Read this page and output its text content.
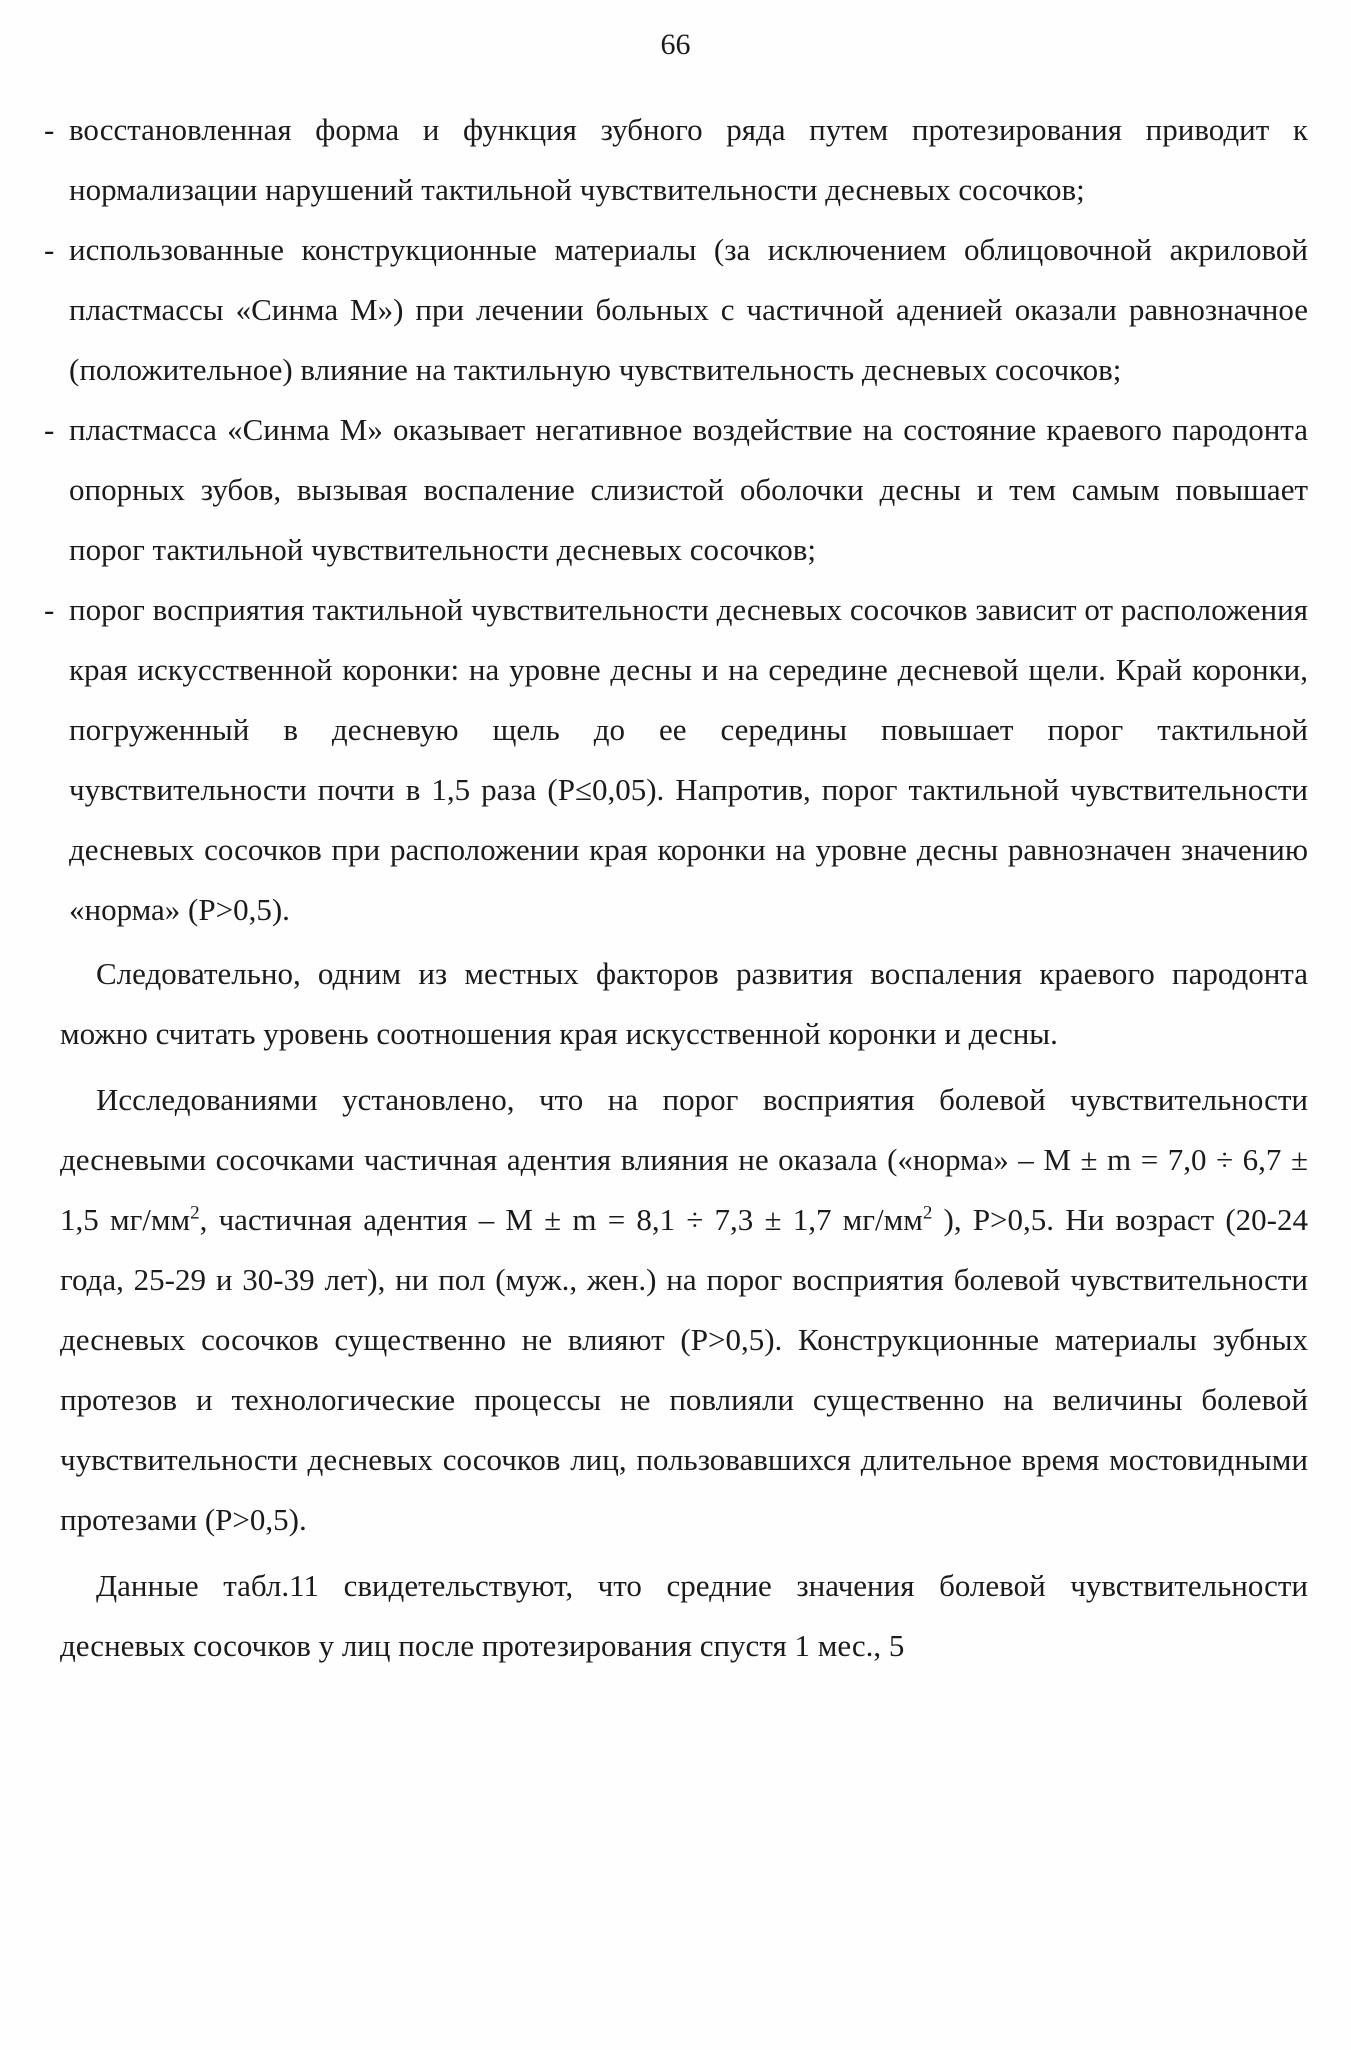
66

- восстановленная форма и функция зубного ряда путем протезирования приводит к нормализации нарушений тактильной чувствительности десневых сосочков;

- использованные конструкционные материалы (за исключением облицовочной акриловой пластмассы «Синма М») при лечении больных с частичной аденией оказали равнозначное (положительное) влияние на тактильную чувствительность десневых сосочков;

- пластмасса «Синма М» оказывает негативное воздействие на состояние краевого пародонта опорных зубов, вызывая воспаление слизистой оболочки десны и тем самым повышает порог тактильной чувствительности десневых сосочков;

- порог восприятия тактильной чувствительности десневых сосочков зависит от расположения края искусственной коронки: на уровне десны и на середине десневой щели. Край коронки, погруженный в десневую щель до ее середины повышает порог тактильной чувствительности почти в 1,5 раза (Р≤0,05). Напротив, порог тактильной чувствительности десневых сосочков при расположении края коронки на уровне десны равнозначен значению «норма» (Р>0,5).

Следовательно, одним из местных факторов развития воспаления краевого пародонта можно считать уровень соотношения края искусственной коронки и десны.

Исследованиями установлено, что на порог восприятия болевой чувствительности десневыми сосочками частичная адентия влияния не оказала («норма» – М ± m = 7,0 ÷ 6,7 ± 1,5 $мг/мм^2$, частичная адентия – М ± m = 8,1 ÷ 7,3 ± 1,7 $мг/мм^2$ ), Р>0,5. Ни возраст (20-24 года, 25-29 и 30-39 лет), ни пол (муж., жен.) на порог восприятия болевой чувствительности десневых сосочков существенно не влияют (Р>0,5). Конструкционные материалы зубных протезов и технологические процессы не повлияли существенно на величины болевой чувствительности десневых сосочков лиц, пользовавшихся длительное время мостовидными протезами (Р>0,5).

Данные табл.11 свидетельствуют, что средние значения болевой чувствительности десневых сосочков у лиц после протезирования спустя 1 мес., 5
